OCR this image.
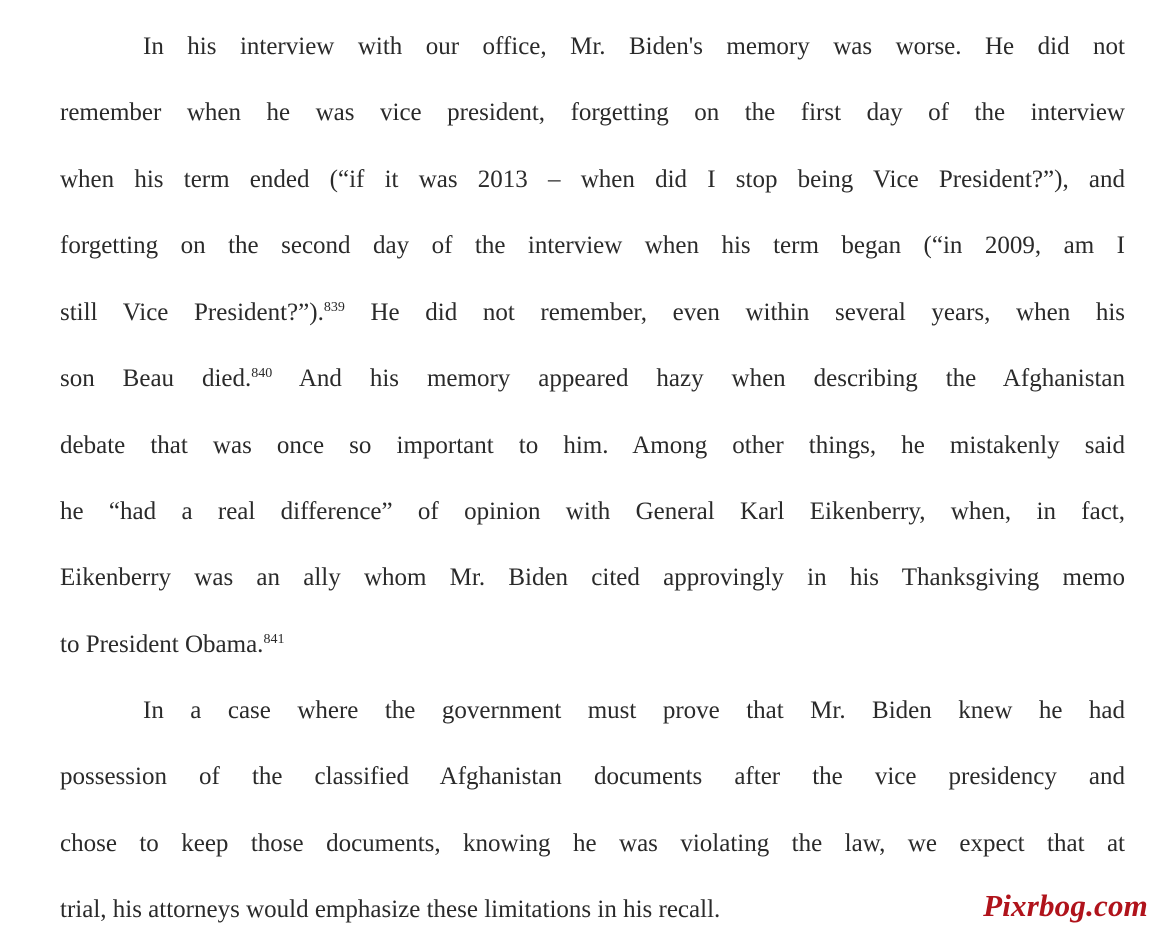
In his interview with our office, Mr. Biden's memory was worse. He did not
remember when he was vice president, forgetting on the first day of the interview
when his term ended (“if it was 2013 – when did I stop being Vice President?”), and
forgetting on the second day of the interview when his term began (“in 2009, am I
still Vice President?”).$^{839}$ He did not remember, even within several years, when his
son Beau died.$^{840}$ And his memory appeared hazy when describing the Afghanistan
debate that was once so important to him. Among other things, he mistakenly said
he “had a real difference” of opinion with General Karl Eikenberry, when, in fact,
Eikenberry was an ally whom Mr. Biden cited approvingly in his Thanksgiving memo
to President Obama.$^{841}$
In a case where the government must prove that Mr. Biden knew he had
possession of the classified Afghanistan documents after the vice presidency and
chose to keep those documents, knowing he was violating the law, we expect that at
trial, his attorneys would emphasize these limitations in his recall.	Pixrbog.com
